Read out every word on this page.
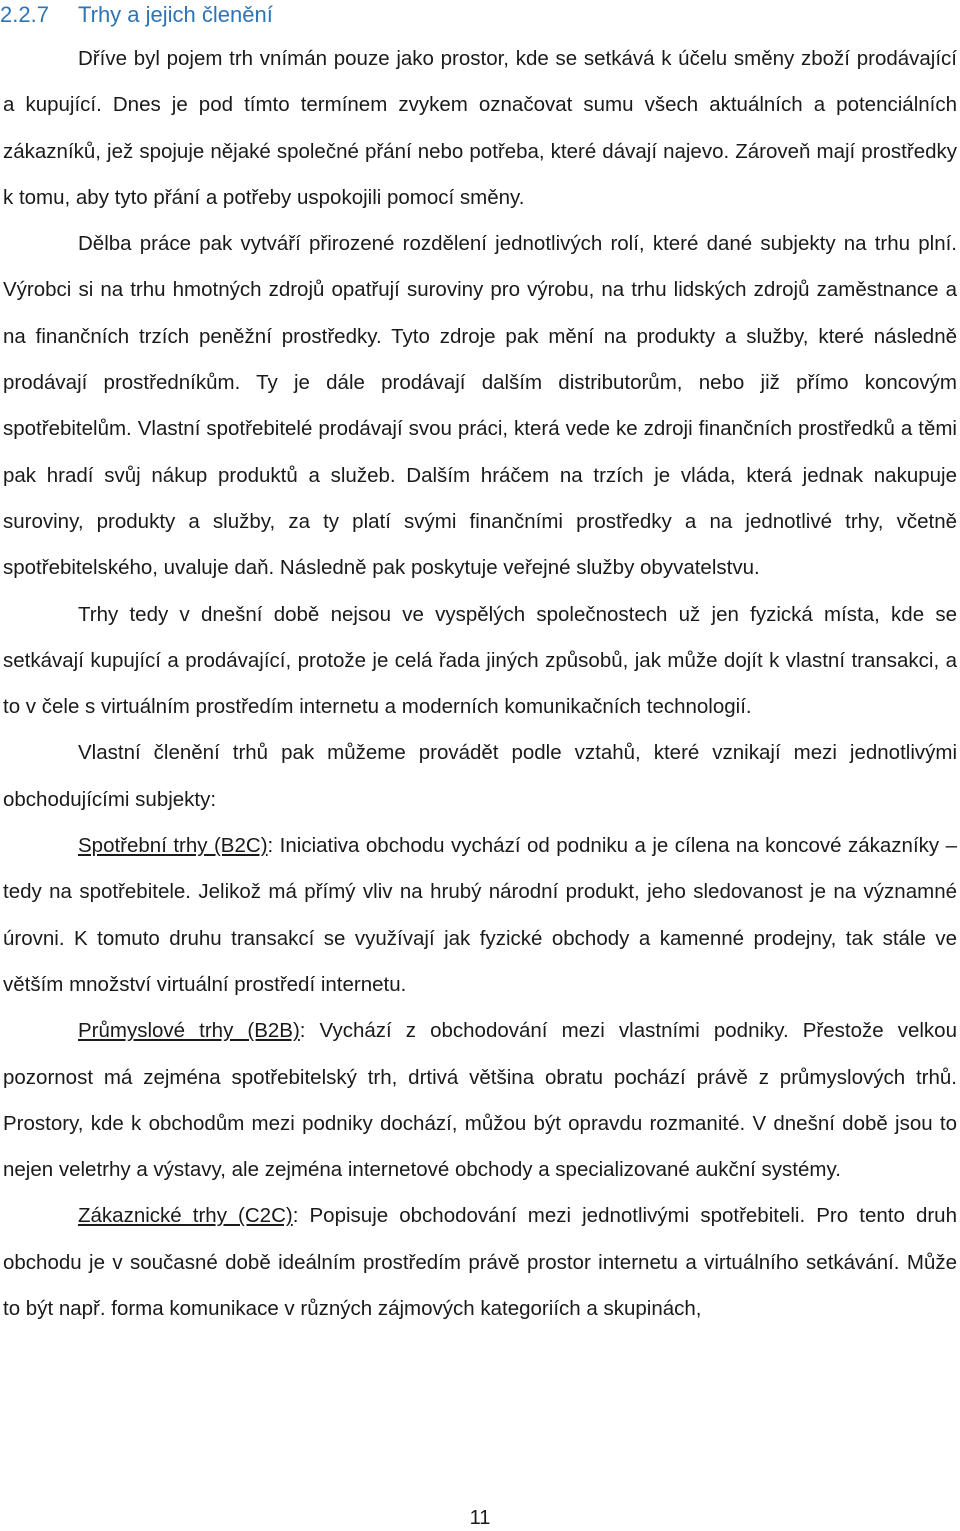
2.2.7 Trhy a jejich členění

Dříve byl pojem trh vnímán pouze jako prostor, kde se setkává k účelu směny zboží prodávající a kupující. Dnes je pod tímto termínem zvykem označovat sumu všech aktuálních a potenciálních zákazníků, jež spojuje nějaké společné přání nebo potřeba, které dávají najevo. Zároveň mají prostředky k tomu, aby tyto přání a potřeby uspokojili pomocí směny.

Dělba práce pak vytváří přirozené rozdělení jednotlivých rolí, které dané subjekty na trhu plní. Výrobci si na trhu hmotných zdrojů opatřují suroviny pro výrobu, na trhu lidských zdrojů zaměstnance a na finančních trzích peněžní prostředky. Tyto zdroje pak mění na produkty a služby, které následně prodávají prostředníkům. Ty je dále prodávají dalším distributorům, nebo již přímo koncovým spotřebitelům. Vlastní spotřebitelé prodávají svou práci, která vede ke zdroji finančních prostředků a těmi pak hradí svůj nákup produktů a služeb. Dalším hráčem na trzích je vláda, která jednak nakupuje suroviny, produkty a služby, za ty platí svými finančními prostředky a na jednotlivé trhy, včetně spotřebitelského, uvaluje daň. Následně pak poskytuje veřejné služby obyvatelstvu.

Trhy tedy v dnešní době nejsou ve vyspělých společnostech už jen fyzická místa, kde se setkávají kupující a prodávající, protože je celá řada jiných způsobů, jak může dojít k vlastní transakci, a to v čele s virtuálním prostředím internetu a moderních komunikačních technologií.

Vlastní členění trhů pak můžeme provádět podle vztahů, které vznikají mezi jednotlivými obchodujícími subjekty:

Spotřební trhy (B2C): Iniciativa obchodu vychází od podniku a je cílena na koncové zákazníky – tedy na spotřebitele. Jelikož má přímý vliv na hrubý národní produkt, jeho sledovanost je na významné úrovni. K tomuto druhu transakcí se využívají jak fyzické obchody a kamenné prodejny, tak stále ve větším množství virtuální prostředí internetu.

Průmyslové trhy (B2B): Vychází z obchodování mezi vlastními podniky. Přestože velkou pozornost má zejména spotřebitelský trh, drtivá většina obratu pochází právě z průmyslových trhů. Prostory, kde k obchodům mezi podniky dochází, můžou být opravdu rozmanité. V dnešní době jsou to nejen veletrhy a výstavy, ale zejména internetové obchody a specializované aukční systémy.

Zákaznické trhy (C2C): Popisuje obchodování mezi jednotlivými spotřebiteli. Pro tento druh obchodu je v současné době ideálním prostředím právě prostor internetu a virtuálního setkávání. Může to být např. forma komunikace v různých zájmových kategoriích a skupinách,

11
